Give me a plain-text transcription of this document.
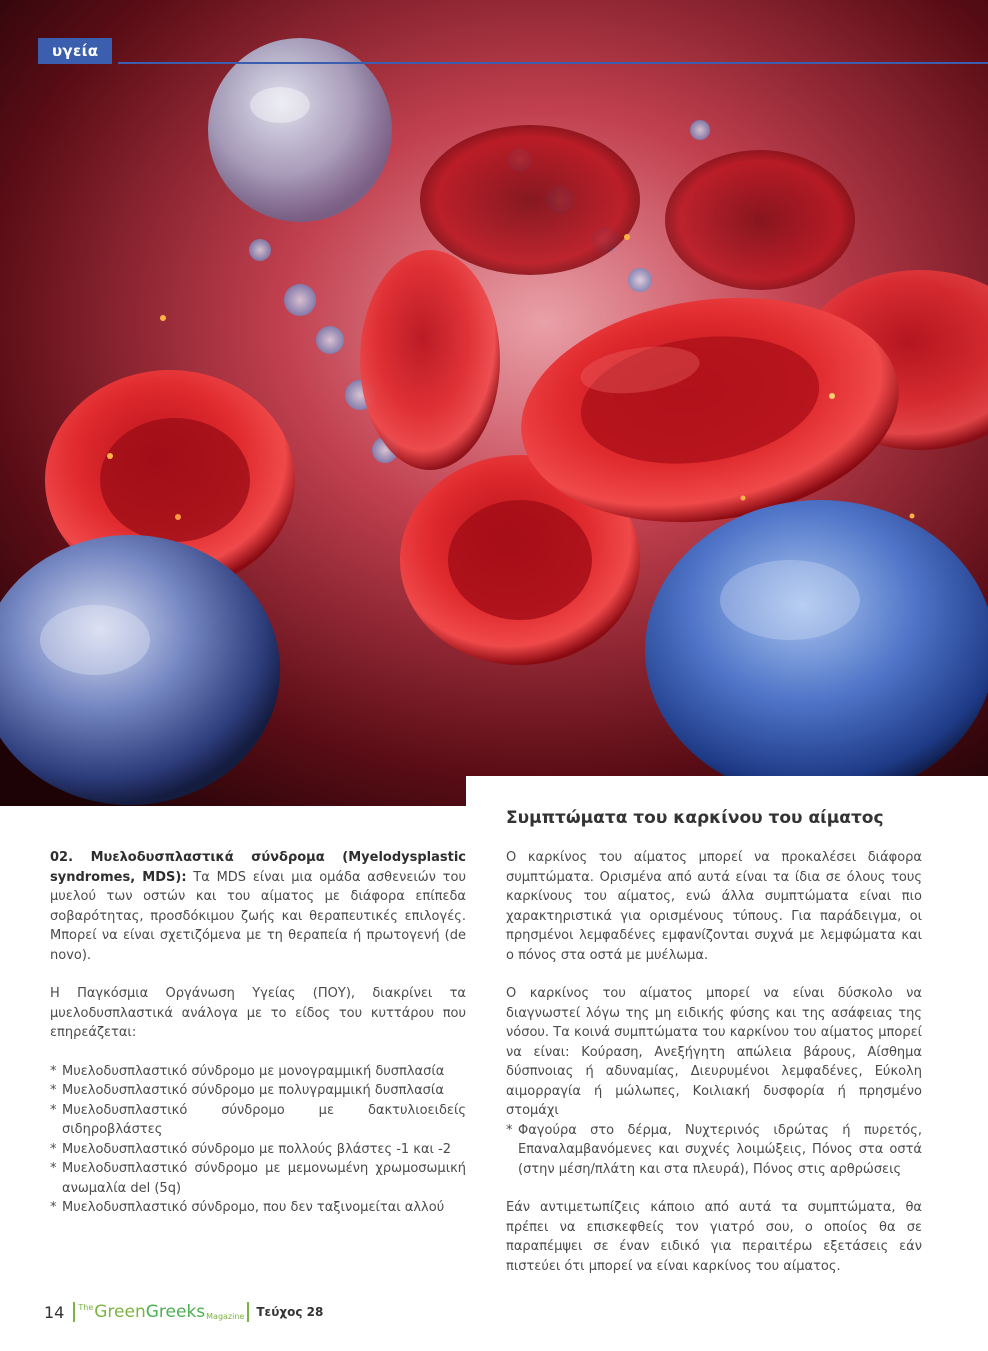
υγεία
Συμπτώματα του καρκίνου του αίματος

02. Μυελοδυσπλαστικά σύνδρομα (Myelodysplastic syndromes, MDS): Τα MDS είναι μια ομάδα ασθενειών του μυελού των οστών και του αίματος με διάφορα επίπεδα σοβαρότητας, προσδόκιμου ζωής και θεραπευτικές επιλογές. Μπορεί να είναι σχετιζόμενα με τη θεραπεία ή πρωτογενή (de novo).

Η Παγκόσμια Οργάνωση Υγείας (ΠΟΥ), διακρίνει τα μυελοδυσπλαστικά ανάλογα με το είδος του κυττάρου που επηρεάζεται:

* Μυελοδυσπλαστικό σύνδρομο με μονογραμμική δυσπλασία
* Μυελοδυσπλαστικό σύνδρομο με πολυγραμμική δυσπλασία
* Μυελοδυσπλαστικό σύνδρομο με δακτυλιοειδείς σιδηροβλάστες
* Μυελοδυσπλαστικό σύνδρομο με πολλούς βλάστες -1 και -2
* Μυελοδυσπλαστικό σύνδρομο με μεμονωμένη χρωμοσωμική ανωμαλία del (5q)
* Μυελοδυσπλαστικό σύνδρομο, που δεν ταξινομείται αλλού

Ο καρκίνος του αίματος μπορεί να προκαλέσει διάφορα συμπτώματα. Ορισμένα από αυτά είναι τα ίδια σε όλους τους καρκίνους του αίματος, ενώ άλλα συμπτώματα είναι πιο χαρακτηριστικά για ορισμένους τύπους. Για παράδειγμα, οι πρησμένοι λεμφαδένες εμφανίζονται συχνά με λεμφώματα και ο πόνος στα οστά με μυέλωμα.

Ο καρκίνος του αίματος μπορεί να είναι δύσκολο να διαγνωστεί λόγω της μη ειδικής φύσης και της ασάφειας της νόσου. Τα κοινά συμπτώματα του καρκίνου του αίματος μπορεί να είναι: Κούραση, Ανεξήγητη απώλεια βάρους, Αίσθημα δύσπνοιας ή αδυναμίας, Διευρυμένοι λεμφαδένες, Εύκολη αιμορραγία ή μώλωπες, Κοιλιακή δυσφορία ή πρησμένο στομάχι

* Φαγούρα στο δέρμα, Νυχτερινός ιδρώτας ή πυρετός, Επαναλαμβανόμενες και συχνές λοιμώξεις, Πόνος στα οστά (στην μέση/πλάτη και στα πλευρά), Πόνος στις αρθρώσεις

Εάν αντιμετωπίζεις κάποιο από αυτά τα συμπτώματα, θα πρέπει να επισκεφθείς τον γιατρό σου, ο οποίος θα σε παραπέμψει σε έναν ειδικό για περαιτέρω εξετάσεις εάν πιστεύει ότι μπορεί να είναι καρκίνος του αίματος.

14 The Green Greeks Magazine Τεύχος 28
